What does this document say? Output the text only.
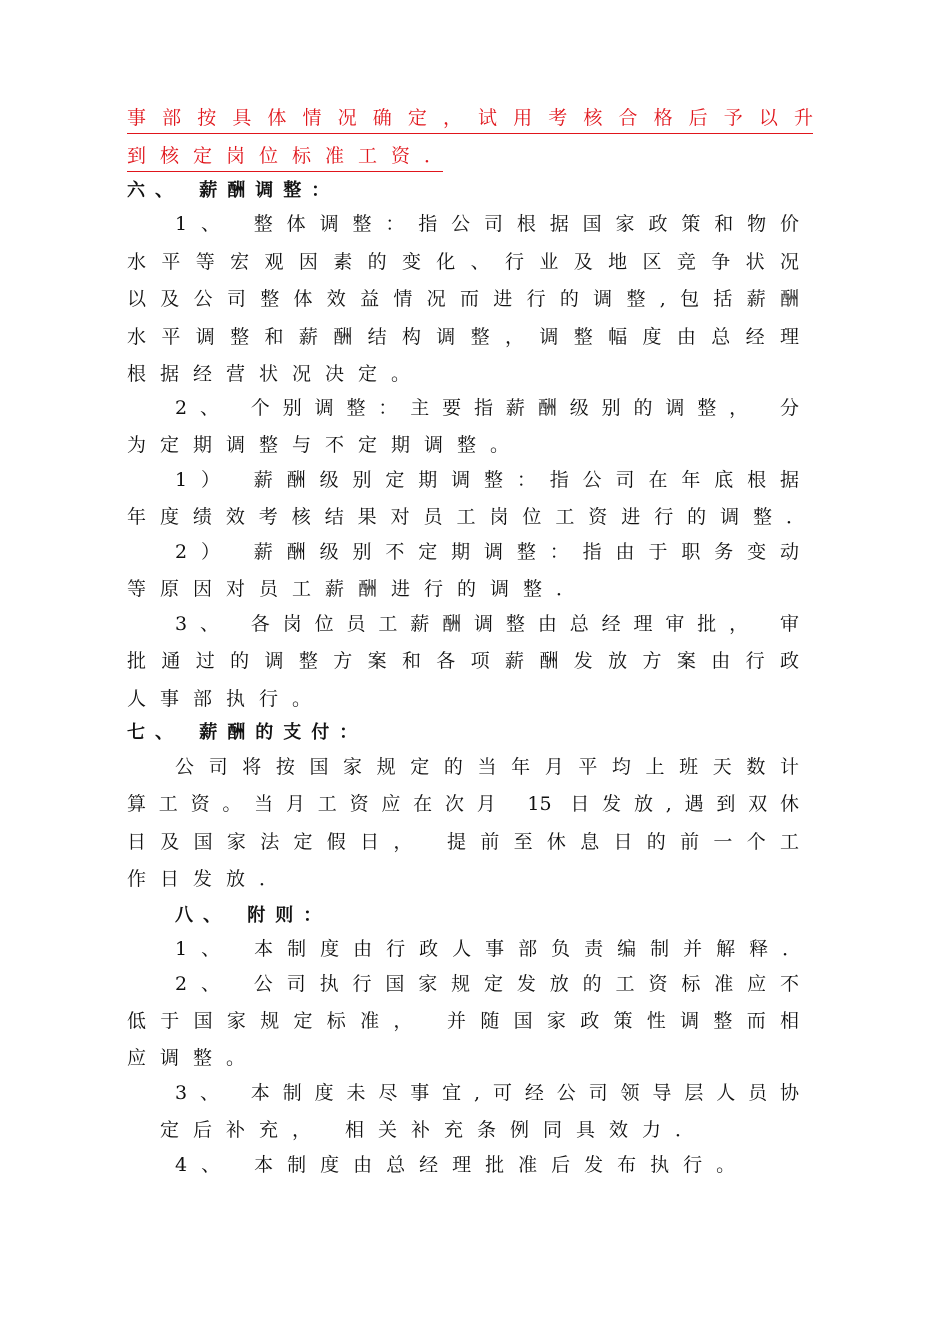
事部按具体情况确定，试用考核合格后予以升
到核定岗位标准工资．
六、 薪酬调整：
1、 整体调整：指公司根据国家政策和物价
水平等宏观因素的变化、行业及地区竞争状况
以及公司整体效益情况而进行的调整,包括薪酬
水平调整和薪酬结构调整，调整幅度由总经理
根据经营状况决定。
2、 个别调整：主要指薪酬级别的调整， 分
为定期调整与不定期调整。
1） 薪酬级别定期调整：指公司在年底根据
年度绩效考核结果对员工岗位工资进行的调整．
2） 薪酬级别不定期调整：指由于职务变动
等原因对员工薪酬进行的调整．
3、 各岗位员工薪酬调整由总经理审批， 审
批通过的调整方案和各项薪酬发放方案由行政
人事部执行。
七、 薪酬的支付：
公司将按国家规定的当年月平均上班天数计
算工资。当月工资应在次月 15 日发放,遇到双休
日及国家法定假日， 提前至休息日的前一个工
作日发放．
八、 附则：
1、 本制度由行政人事部负责编制并解释．
2、 公司执行国家规定发放的工资标准应不
低于国家规定标准， 并随国家政策性调整而相
应调整。
3、 本制度未尽事宜,可经公司领导层人员协
定后补充， 相关补充条例同具效力．
4、 本制度由总经理批准后发布执行。
